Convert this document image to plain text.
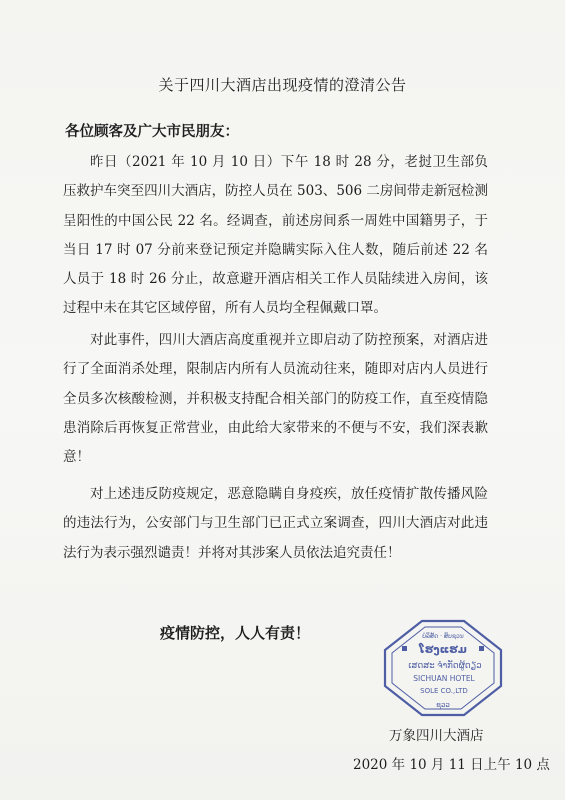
关于四川大酒店出现疫情的澄清公告
各位顾客及广大市民朋友：

昨日（2021 年 10 月 10 日）下午 18 时 28 分，老挝卫生部负压救护车突至四川大酒店，防控人员在 503、506 二房间带走新冠检测呈阳性的中国公民 22 名。经调查，前述房间系一周姓中国籍男子，于当日 17 时 07 分前来登记预定并隐瞒实际入住人数，随后前述 22 名人员于 18 时 26 分止，故意避开酒店相关工作人员陆续进入房间，该过程中未在其它区域停留，所有人员均全程佩戴口罩。

对此事件，四川大酒店高度重视并立即启动了防控预案，对酒店进行了全面消杀处理，限制店内所有人员流动往来，随即对店内人员进行全员多次核酸检测，并积极支持配合相关部门的防疫工作，直至疫情隐患消除后再恢复正常营业，由此给大家带来的不便与不安，我们深表歉意！

对上述违反防疫规定，恶意隐瞒自身疫疾，放任疫情扩散传播风险的违法行为，公安部门与卫生部门已正式立案调查，四川大酒店对此违法行为表示强烈谴责！并将对其涉案人员依法追究责任！

疫情防控，人人有责！	ບໍລິສັດ · ສິບຊວນ
ໂຮງແຮມ
ເສດສະ ຈຳກັດຜູ້ດຽວ
SICHUAN HOTEL
SOLE CO.,LTD
ຊວວ
万象四川大酒店
2020 年 10 月 11 日上午 10 点
